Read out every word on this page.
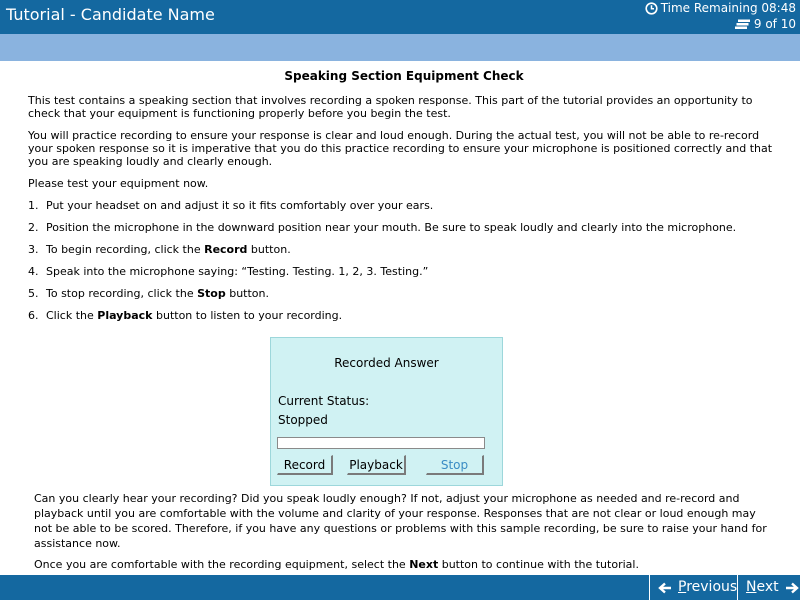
Tutorial - Candidate Name	Time Remaining 08:48
9 of 10
Speaking Section Equipment Check
This test contains a speaking section that involves recording a spoken response. This part of the tutorial provides an opportunity to check that your equipment is functioning properly before you begin the test.
You will practice recording to ensure your response is clear and loud enough. During the actual test, you will not be able to re-record your spoken response so it is imperative that you do this practice recording to ensure your microphone is positioned correctly and that you are speaking loudly and clearly enough.
Please test your equipment now.
1. Put your headset on and adjust it so it fits comfortably over your ears.
2. Position the microphone in the downward position near your mouth. Be sure to speak loudly and clearly into the microphone.
3. To begin recording, click the Record button.
4. Speak into the microphone saying: “Testing. Testing. 1, 2, 3. Testing.”
5. To stop recording, click the Stop button.
6. Click the Playback button to listen to your recording.
Recorded Answer
Current Status:
Stopped
Record	Playback	Stop
Can you clearly hear your recording? Did you speak loudly enough? If not, adjust your microphone as needed and re-record and playback until you are comfortable with the volume and clarity of your response. Responses that are not clear or loud enough may not be able to be scored. Therefore, if you have any questions or problems with this sample recording, be sure to raise your hand for assistance now.
Once you are comfortable with the recording equipment, select the Next button to continue with the tutorial.
Previous Next
